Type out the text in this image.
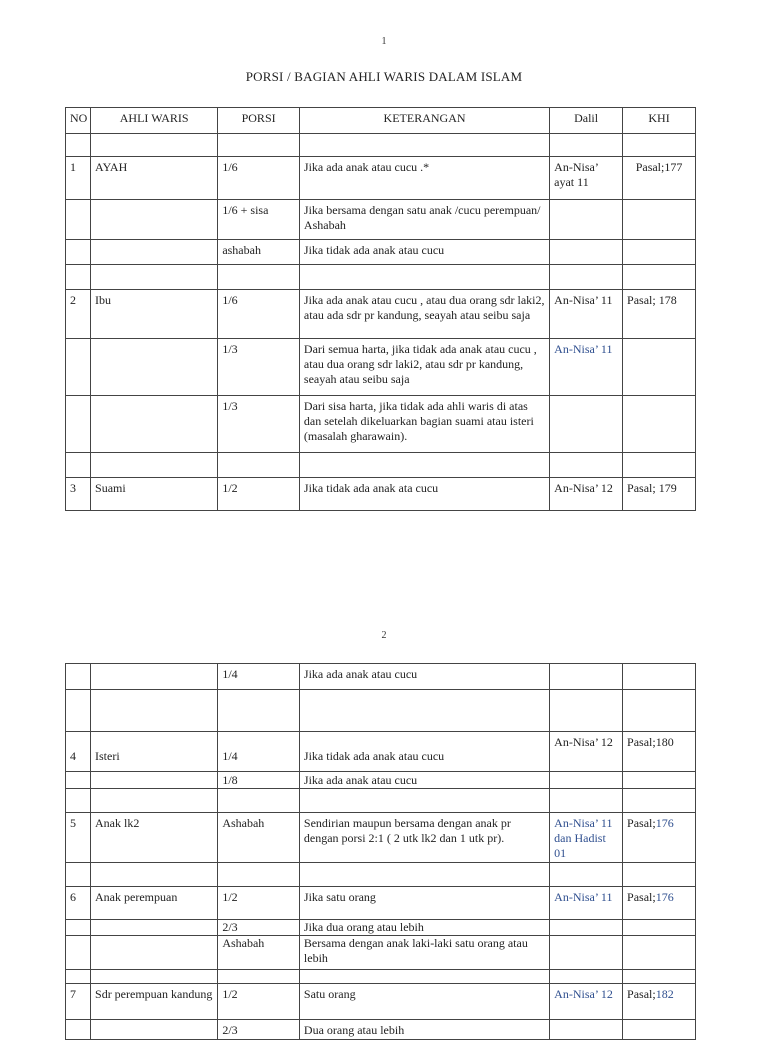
1
PORSI / BAGIAN AHLI WARIS DALAM ISLAM
NO	AHLI WARIS	PORSI	KETERANGAN	Dalil	KHI

1	AYAH	1/6	Jika ada anak atau cucu .*	An-Nisa’ ayat 11	Pasal;177
		1/6 + sisa	Jika bersama dengan satu anak /cucu perempuan/ Ashabah		
		ashabah	Jika tidak ada anak atau cucu		

2	Ibu	1/6	Jika ada anak atau cucu , atau dua orang sdr laki2, atau ada sdr pr kandung, seayah atau seibu saja	An-Nisa’ 11	Pasal; 178
		1/3	Dari semua harta, jika tidak ada anak atau cucu , atau dua orang sdr laki2, atau sdr pr kandung, seayah atau seibu saja	An-Nisa’ 11	
		1/3	Dari sisa harta, jika tidak ada ahli waris di atas dan setelah dikeluarkan bagian suami atau isteri (masalah gharawain).		

3	Suami	1/2	Jika tidak ada anak ata cucu	An-Nisa’ 12	Pasal; 179
2
		1/4	Jika ada anak atau cucu		

4	Isteri	1/4	Jika tidak ada anak atau cucu	An-Nisa’ 12	Pasal;180
		1/8	Jika ada anak atau cucu		

5	Anak lk2	Ashabah	Sendirian maupun bersama dengan anak pr dengan porsi 2:1 ( 2 utk lk2 dan 1 utk pr).	An-Nisa’ 11 dan Hadist 01	Pasal;176

6	Anak perempuan	1/2	Jika satu orang	An-Nisa’ 11	Pasal;176
		2/3	Jika dua orang atau lebih		
		Ashabah	Bersama dengan anak laki-laki satu orang atau lebih		

7	Sdr perempuan kandung	1/2	Satu orang	An-Nisa’ 12	Pasal;182
		2/3	Dua orang atau lebih		
